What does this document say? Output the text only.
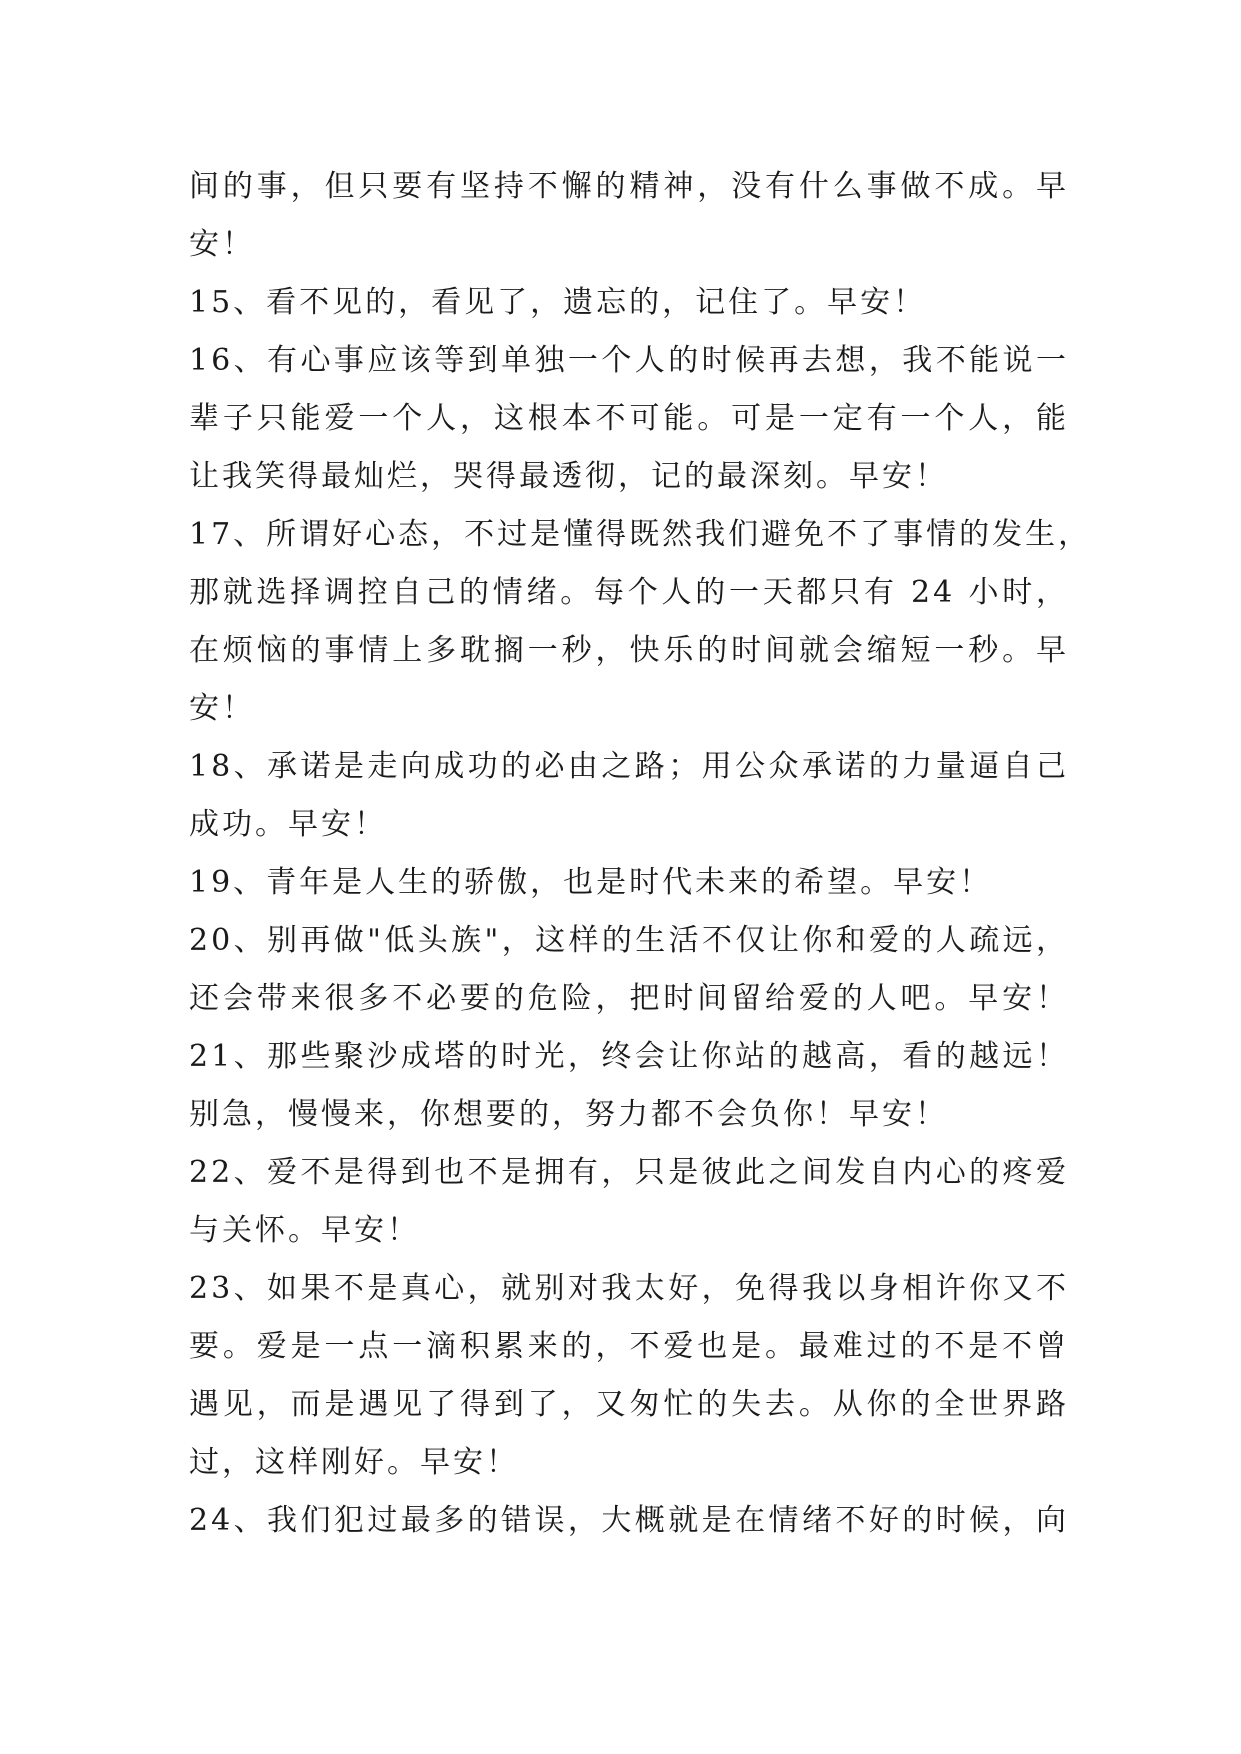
间的事，但只要有坚持不懈的精神，没有什么事做不成。早
安！
15、看不见的，看见了，遗忘的，记住了。早安！
16、有心事应该等到单独一个人的时候再去想，我不能说一
辈子只能爱一个人，这根本不可能。可是一定有一个人，能
让我笑得最灿烂，哭得最透彻，记的最深刻。早安！
17、所谓好心态，不过是懂得既然我们避免不了事情的发生，
那就选择调控自己的情绪。每个人的一天都只有 24 小时，
在烦恼的事情上多耽搁一秒，快乐的时间就会缩短一秒。早
安！
18、承诺是走向成功的必由之路；用公众承诺的力量逼自己
成功。早安！
19、青年是人生的骄傲，也是时代未来的希望。早安！
20、别再做"低头族"，这样的生活不仅让你和爱的人疏远，
还会带来很多不必要的危险，把时间留给爱的人吧。早安！
21、那些聚沙成塔的时光，终会让你站的越高，看的越远！
别急，慢慢来，你想要的，努力都不会负你！早安！
22、爱不是得到也不是拥有，只是彼此之间发自内心的疼爱
与关怀。早安！
23、如果不是真心，就别对我太好，免得我以身相许你又不
要。爱是一点一滴积累来的，不爱也是。最难过的不是不曾
遇见，而是遇见了得到了，又匆忙的失去。从你的全世界路
过，这样刚好。早安！
24、我们犯过最多的错误，大概就是在情绪不好的时候，向
